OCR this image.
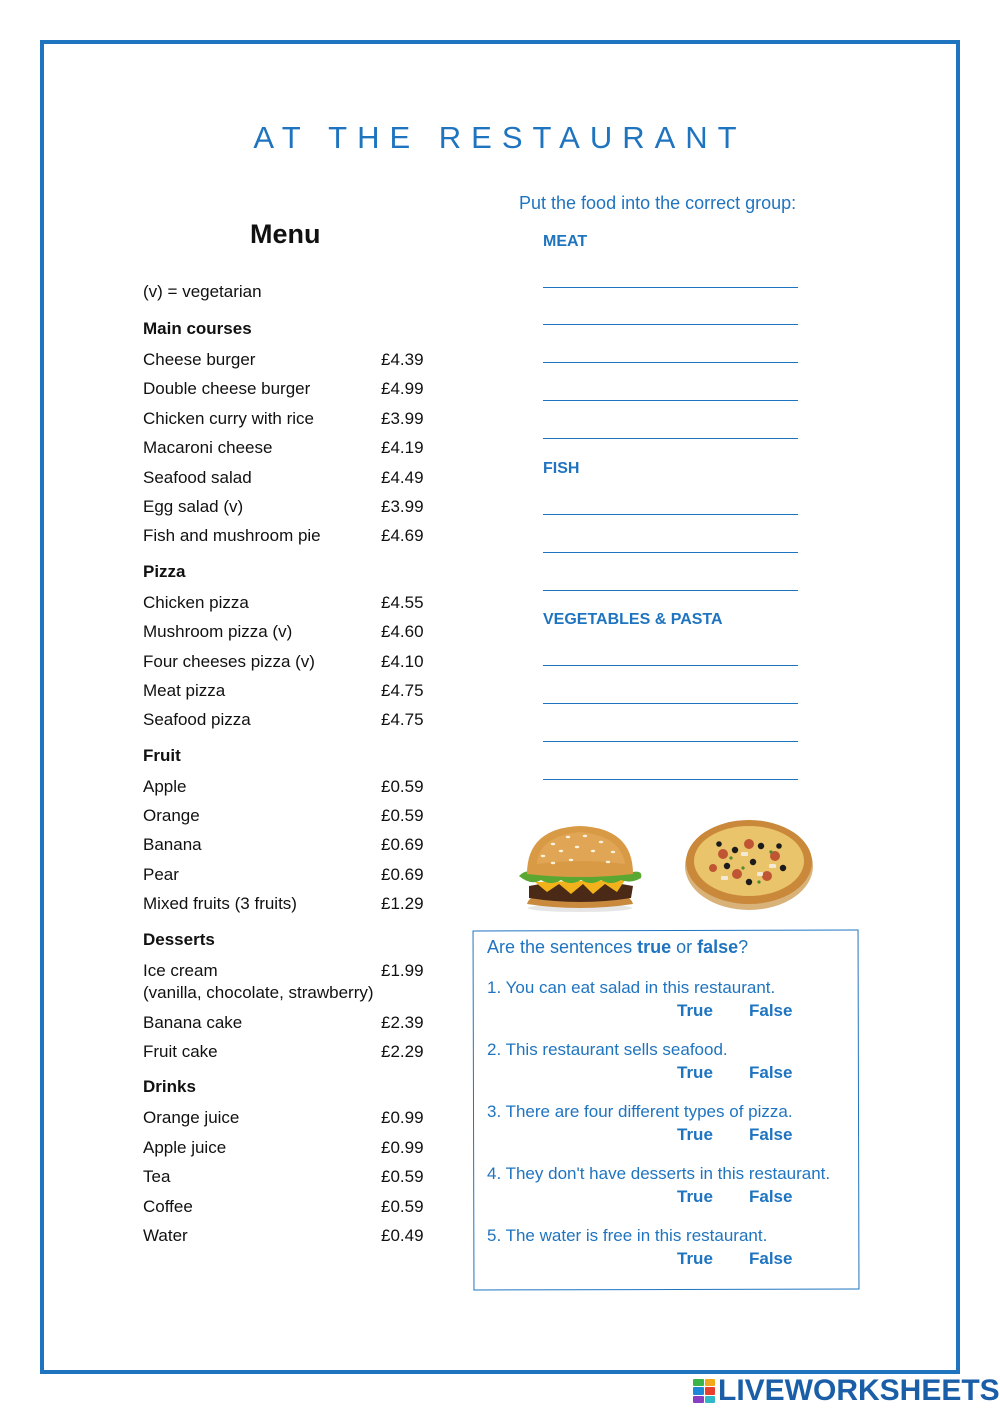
AT THE RESTAURANT
Menu
(v) = vegetarian
Main courses
Cheese burger	£4.39
Double cheese burger	£4.99
Chicken curry with rice	£3.99
Macaroni cheese	£4.19
Seafood salad	£4.49
Egg salad (v)	£3.99
Fish and mushroom pie	£4.69
Pizza
Chicken pizza	£4.55
Mushroom pizza (v)	£4.60
Four cheeses pizza (v)	£4.10
Meat pizza	£4.75
Seafood pizza	£4.75
Fruit
Apple	£0.59
Orange	£0.59
Banana	£0.69
Pear	£0.69
Mixed fruits (3 fruits)	£1.29
Desserts
Ice cream	£1.99
(vanilla, chocolate, strawberry)
Banana cake	£2.39
Fruit cake	£2.29
Drinks
Orange juice	£0.99
Apple juice	£0.99
Tea	£0.59
Coffee	£0.59
Water	£0.49
Put the food into the correct group:
MEAT
FISH
VEGETABLES & PASTA
Are the sentences true or false?
1. You can eat salad in this restaurant.
True False
2. This restaurant sells seafood.
True False
3. There are four different types of pizza.
True False
4. They don't have desserts in this restaurant.
True False
5. The water is free in this restaurant.
True False
LIVEWORKSHEETS
